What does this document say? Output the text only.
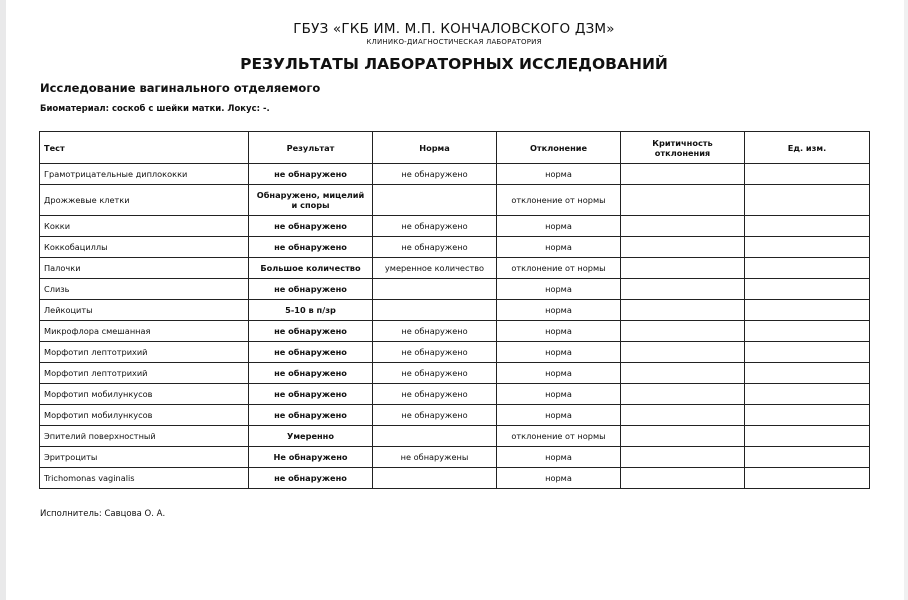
ГБУЗ «ГКБ ИМ. М.П. КОНЧАЛОВСКОГО ДЗМ»
КЛИНИКО-ДИАГНОСТИЧЕСКАЯ ЛАБОРАТОРИЯ
РЕЗУЛЬТАТЫ ЛАБОРАТОРНЫХ ИССЛЕДОВАНИЙ
Исследование вагинального отделяемого
Биоматериал: соскоб с шейки матки. Локус: -.
Тест	Результат	Норма	Отклонение	Критичность отклонения	Ед. изм.
Грамотрицательные диплококки	не обнаружено	не обнаружено	норма		
Дрожжевые клетки	Обнаружено, мицелий и споры		отклонение от нормы		
Кокки	не обнаружено	не обнаружено	норма		
Коккобациллы	не обнаружено	не обнаружено	норма		
Палочки	Большое количество	умеренное количество	отклонение от нормы		
Слизь	не обнаружено		норма		
Лейкоциты	5-10 в п/зр		норма		
Микрофлора смешанная	не обнаружено	не обнаружено	норма		
Морфотип лептотрихий	не обнаружено	не обнаружено	норма		
Морфотип лептотрихий	не обнаружено	не обнаружено	норма		
Морфотип мобилункусов	не обнаружено	не обнаружено	норма		
Морфотип мобилункусов	не обнаружено	не обнаружено	норма		
Эпителий поверхностный	Умеренно		отклонение от нормы		
Эритроциты	Не обнаружено	не обнаружены	норма		
Trichomonas vaginalis	не обнаружено		норма		
Исполнитель: Савцова О. А.
